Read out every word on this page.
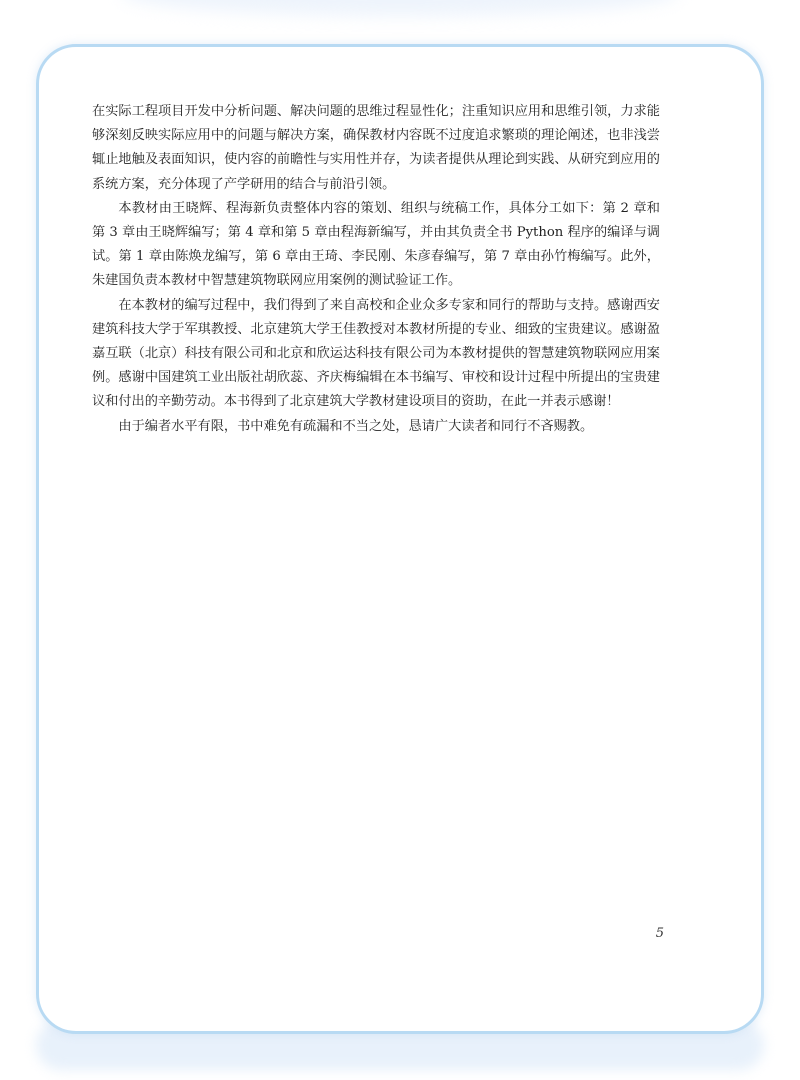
在实际工程项目开发中分析问题、解决问题的思维过程显性化；注重知识应用和思维引领，力求能够深刻反映实际应用中的问题与解决方案，确保教材内容既不过度追求繁琐的理论阐述，也非浅尝辄止地触及表面知识，使内容的前瞻性与实用性并存，为读者提供从理论到实践、从研究到应用的系统方案，充分体现了产学研用的结合与前沿引领。

本教材由王晓辉、程海新负责整体内容的策划、组织与统稿工作，具体分工如下：第 2 章和第 3 章由王晓辉编写；第 4 章和第 5 章由程海新编写，并由其负责全书 Python 程序的编译与调试。第 1 章由陈焕龙编写，第 6 章由王琦、李民刚、朱彦春编写，第 7 章由孙竹梅编写。此外，朱建国负责本教材中智慧建筑物联网应用案例的测试验证工作。

在本教材的编写过程中，我们得到了来自高校和企业众多专家和同行的帮助与支持。感谢西安建筑科技大学于军琪教授、北京建筑大学王佳教授对本教材所提的专业、细致的宝贵建议。感谢盈嘉互联（北京）科技有限公司和北京和欣运达科技有限公司为本教材提供的智慧建筑物联网应用案例。感谢中国建筑工业出版社胡欣蕊、齐庆梅编辑在本书编写、审校和设计过程中所提出的宝贵建议和付出的辛勤劳动。本书得到了北京建筑大学教材建设项目的资助，在此一并表示感谢！

由于编者水平有限，书中难免有疏漏和不当之处，恳请广大读者和同行不吝赐教。

5
